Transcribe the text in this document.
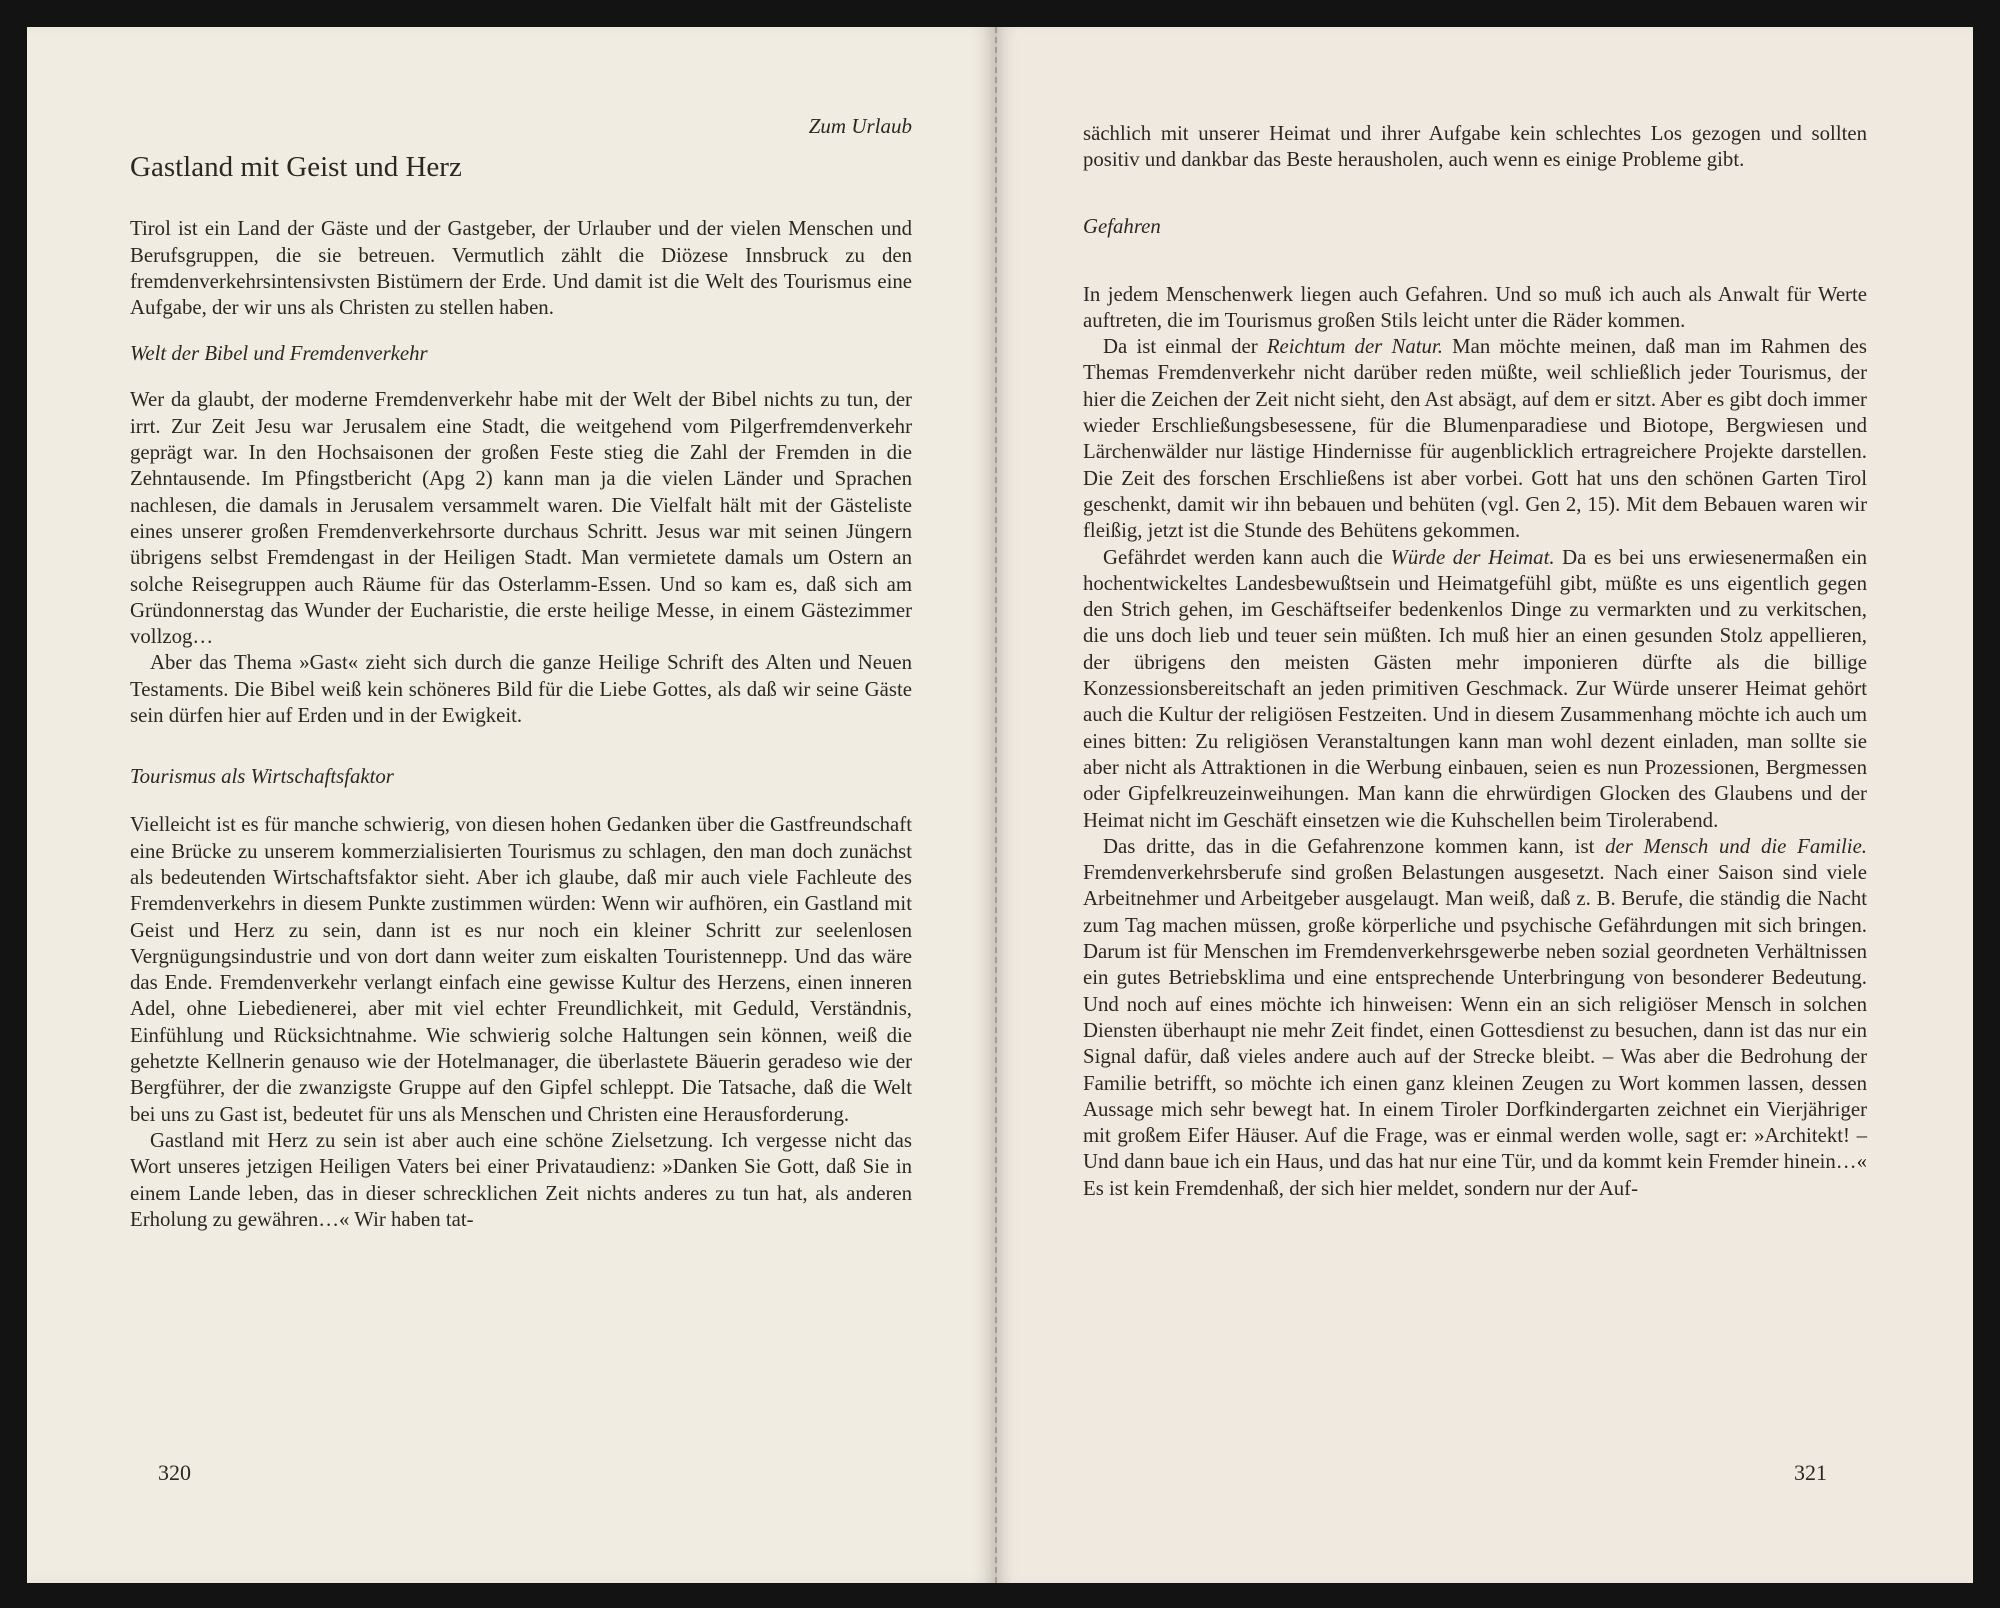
Zum Urlaub

Gastland mit Geist und Herz

Tirol ist ein Land der Gäste und der Gastgeber, der Urlauber und der vielen Menschen und Berufsgruppen, die sie betreuen. Vermutlich zählt die Diözese Innsbruck zu den fremdenverkehrsintensivsten Bistümern der Erde. Und damit ist die Welt des Tourismus eine Aufgabe, der wir uns als Christen zu stellen haben.

Welt der Bibel und Fremdenverkehr

Wer da glaubt, der moderne Fremdenverkehr habe mit der Welt der Bibel nichts zu tun, der irrt. Zur Zeit Jesu war Jerusalem eine Stadt, die weitgehend vom Pilgerfremdenverkehr geprägt war. In den Hochsaisonen der großen Feste stieg die Zahl der Fremden in die Zehntausende. Im Pfingstbericht (Apg 2) kann man ja die vielen Länder und Sprachen nachlesen, die damals in Jerusalem versammelt waren. Die Vielfalt hält mit der Gästeliste eines unserer großen Fremdenverkehrsorte durchaus Schritt. Jesus war mit seinen Jüngern übrigens selbst Fremdengast in der Heiligen Stadt. Man vermietete damals um Ostern an solche Reisegruppen auch Räume für das Osterlamm-Essen. Und so kam es, daß sich am Gründonnerstag das Wunder der Eucharistie, die erste heilige Messe, in einem Gästezimmer vollzog…

Aber das Thema »Gast« zieht sich durch die ganze Heilige Schrift des Alten und Neuen Testaments. Die Bibel weiß kein schöneres Bild für die Liebe Gottes, als daß wir seine Gäste sein dürfen hier auf Erden und in der Ewigkeit.

Tourismus als Wirtschaftsfaktor

Vielleicht ist es für manche schwierig, von diesen hohen Gedanken über die Gastfreundschaft eine Brücke zu unserem kommerzialisierten Tourismus zu schlagen, den man doch zunächst als bedeutenden Wirtschaftsfaktor sieht. Aber ich glaube, daß mir auch viele Fachleute des Fremdenverkehrs in diesem Punkte zustimmen würden: Wenn wir aufhören, ein Gastland mit Geist und Herz zu sein, dann ist es nur noch ein kleiner Schritt zur seelenlosen Vergnügungsindustrie und von dort dann weiter zum eiskalten Touristennepp. Und das wäre das Ende. Fremdenverkehr verlangt einfach eine gewisse Kultur des Herzens, einen inneren Adel, ohne Liebedienerei, aber mit viel echter Freundlichkeit, mit Geduld, Verständnis, Einfühlung und Rücksichtnahme. Wie schwierig solche Haltungen sein können, weiß die gehetzte Kellnerin genauso wie der Hotelmanager, die überlastete Bäuerin geradeso wie der Bergführer, der die zwanzigste Gruppe auf den Gipfel schleppt. Die Tatsache, daß die Welt bei uns zu Gast ist, bedeutet für uns als Menschen und Christen eine Herausforderung.

Gastland mit Herz zu sein ist aber auch eine schöne Zielsetzung. Ich vergesse nicht das Wort unseres jetzigen Heiligen Vaters bei einer Privataudienz: »Danken Sie Gott, daß Sie in einem Lande leben, das in dieser schrecklichen Zeit nichts anderes zu tun hat, als anderen Erholung zu gewähren…« Wir haben tat-

320

sächlich mit unserer Heimat und ihrer Aufgabe kein schlechtes Los gezogen und sollten positiv und dankbar das Beste herausholen, auch wenn es einige Probleme gibt.

Gefahren

In jedem Menschenwerk liegen auch Gefahren. Und so muß ich auch als Anwalt für Werte auftreten, die im Tourismus großen Stils leicht unter die Räder kommen.

Da ist einmal der Reichtum der Natur. Man möchte meinen, daß man im Rahmen des Themas Fremdenverkehr nicht darüber reden müßte, weil schließlich jeder Tourismus, der hier die Zeichen der Zeit nicht sieht, den Ast absägt, auf dem er sitzt. Aber es gibt doch immer wieder Erschließungsbesessene, für die Blumenparadiese und Biotope, Bergwiesen und Lärchenwälder nur lästige Hindernisse für augenblicklich ertragreichere Projekte darstellen. Die Zeit des forschen Erschließens ist aber vorbei. Gott hat uns den schönen Garten Tirol geschenkt, damit wir ihn bebauen und behüten (vgl. Gen 2, 15). Mit dem Bebauen waren wir fleißig, jetzt ist die Stunde des Behütens gekommen.

Gefährdet werden kann auch die Würde der Heimat. Da es bei uns erwiesenermaßen ein hochentwickeltes Landesbewußtsein und Heimatgefühl gibt, müßte es uns eigentlich gegen den Strich gehen, im Geschäftseifer bedenkenlos Dinge zu vermarkten und zu verkitschen, die uns doch lieb und teuer sein müßten. Ich muß hier an einen gesunden Stolz appellieren, der übrigens den meisten Gästen mehr imponieren dürfte als die billige Konzessionsbereitschaft an jeden primitiven Geschmack. Zur Würde unserer Heimat gehört auch die Kultur der religiösen Festzeiten. Und in diesem Zusammenhang möchte ich auch um eines bitten: Zu religiösen Veranstaltungen kann man wohl dezent einladen, man sollte sie aber nicht als Attraktionen in die Werbung einbauen, seien es nun Prozessionen, Bergmessen oder Gipfelkreuzeinweihungen. Man kann die ehrwürdigen Glocken des Glaubens und der Heimat nicht im Geschäft einsetzen wie die Kuhschellen beim Tirolerabend.

Das dritte, das in die Gefahrenzone kommen kann, ist der Mensch und die Familie. Fremdenverkehrsberufe sind großen Belastungen ausgesetzt. Nach einer Saison sind viele Arbeitnehmer und Arbeitgeber ausgelaugt. Man weiß, daß z. B. Berufe, die ständig die Nacht zum Tag machen müssen, große körperliche und psychische Gefährdungen mit sich bringen. Darum ist für Menschen im Fremdenverkehrsgewerbe neben sozial geordneten Verhältnissen ein gutes Betriebsklima und eine entsprechende Unterbringung von besonderer Bedeutung. Und noch auf eines möchte ich hinweisen: Wenn ein an sich religiöser Mensch in solchen Diensten überhaupt nie mehr Zeit findet, einen Gottesdienst zu besuchen, dann ist das nur ein Signal dafür, daß vieles andere auch auf der Strecke bleibt. – Was aber die Bedrohung der Familie betrifft, so möchte ich einen ganz kleinen Zeugen zu Wort kommen lassen, dessen Aussage mich sehr bewegt hat. In einem Tiroler Dorfkindergarten zeichnet ein Vierjähriger mit großem Eifer Häuser. Auf die Frage, was er einmal werden wolle, sagt er: »Architekt! – Und dann baue ich ein Haus, und das hat nur eine Tür, und da kommt kein Fremder hinein…« Es ist kein Fremdenhaß, der sich hier meldet, sondern nur der Auf-

321
